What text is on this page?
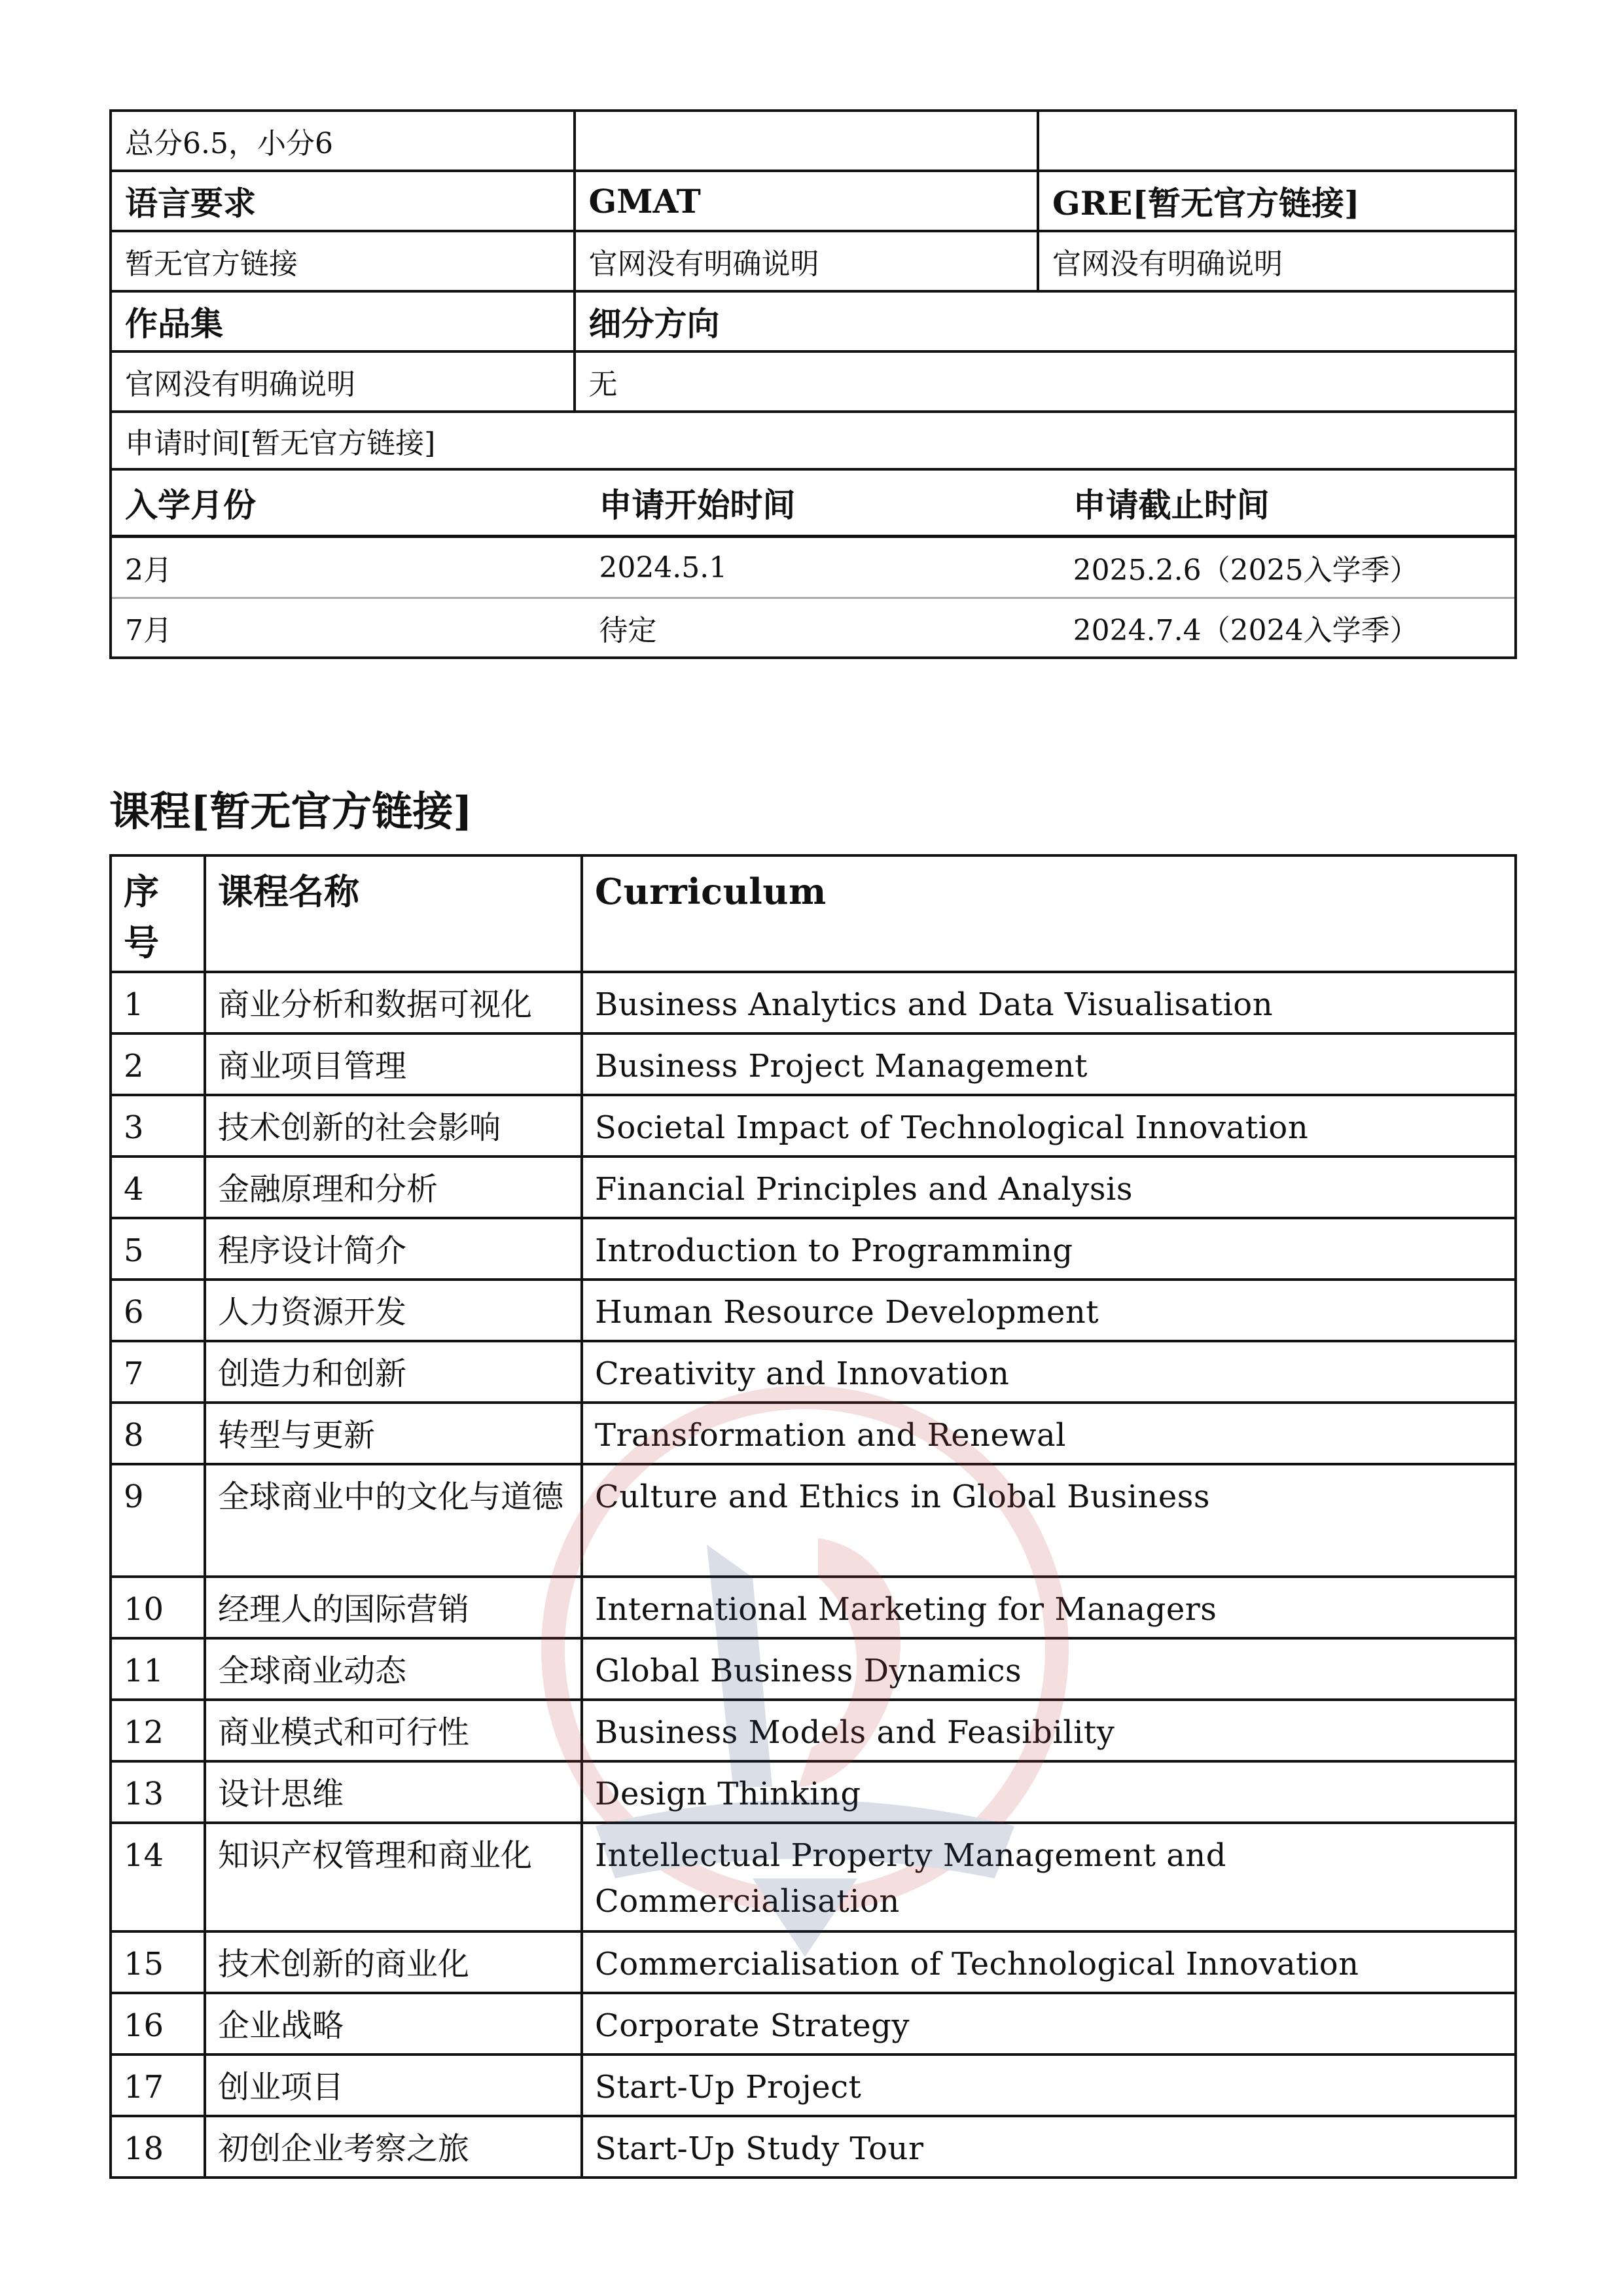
总分6.5，小分6		
语言要求	GMAT	GRE[暂无官方链接]
暂无官方链接	官网没有明确说明	官网没有明确说明
作品集	细分方向
官网没有明确说明	无
申请时间[暂无官方链接]

入学月份	申请开始时间	申请截止时间
2月	2024.5.1	2025.2.6（2025入学季）
7月	待定	2024.7.4（2024入学季）
课程[暂无官方链接]
序号	课程名称	Curriculum
1	商业分析和数据可视化	Business Analytics and Data Visualisation
2	商业项目管理	Business Project Management
3	技术创新的社会影响	Societal Impact of Technological Innovation
4	金融原理和分析	Financial Principles and Analysis
5	程序设计简介	Introduction to Programming
6	人力资源开发	Human Resource Development
7	创造力和创新	Creativity and Innovation
8	转型与更新	Transformation and Renewal
9	全球商业中的文化与道德	Culture and Ethics in Global Business
10	经理人的国际营销	International Marketing for Managers
11	全球商业动态	Global Business Dynamics
12	商业模式和可行性	Business Models and Feasibility
13	设计思维	Design Thinking
14	知识产权管理和商业化	Intellectual Property Management and Commercialisation
15	技术创新的商业化	Commercialisation of Technological Innovation
16	企业战略	Corporate Strategy
17	创业项目	Start-Up Project
18	初创企业考察之旅	Start-Up Study Tour
